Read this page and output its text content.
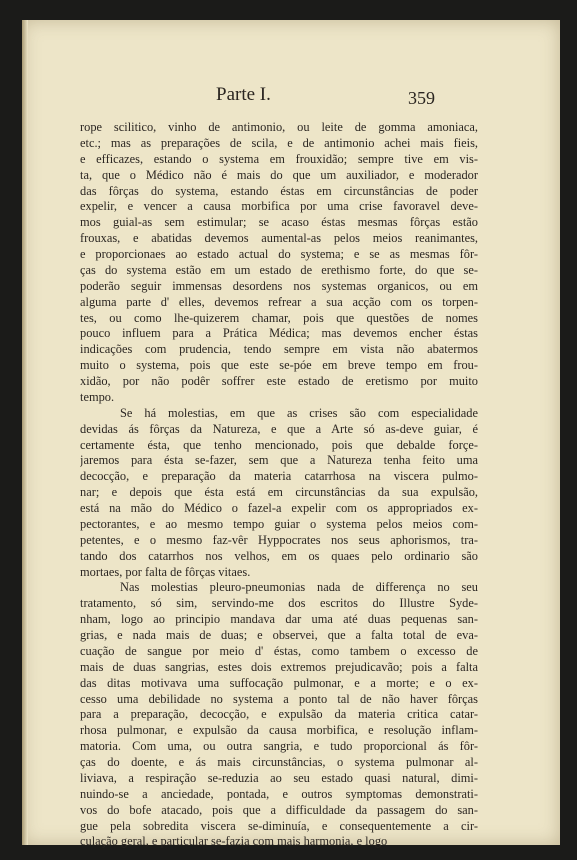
Parte I.	359
rope scilitico, vinho de antimonio, ou leite de gomma amoniaca,
etc.; mas as preparações de scila, e de antimonio achei mais fieis,
e efficazes, estando o systema em frouxidão; sempre tive em vis-
ta, que o Médico não é mais do que um auxiliador, e moderador
das fôrças do systema, estando éstas em circunstâncias de poder
expelir, e vencer a causa morbifica por uma crise favoravel deve-
mos guial-as sem estimular; se acaso éstas mesmas fôrças estão
frouxas, e abatidas devemos aumental-as pelos meios reanimantes,
e proporcionaes ao estado actual do systema; e se as mesmas fôr-
ças do systema estão em um estado de erethismo forte, do que se-
poderão seguir immensas desordens nos systemas organicos, ou em
alguma parte d' elles, devemos refrear a sua acção com os torpen-
tes, ou como lhe-quizerem chamar, pois que questões de nomes
pouco influem para a Prática Médica; mas devemos encher éstas
indicações com prudencia, tendo sempre em vista não abatermos
muito o systema, pois que este se-póe em breve tempo em frou-
xidão, por não podêr soffrer este estado de eretismo por muito
tempo.
Se há molestias, em que as crises são com especialidade
devidas ás fôrças da Natureza, e que a Arte só as-deve guiar, é
certamente ésta, que tenho mencionado, pois que debalde forçe-
jaremos para ésta se-fazer, sem que a Natureza tenha feito uma
decocção, e preparação da materia catarrhosa na viscera pulmo-
nar; e depois que ésta está em circunstâncias da sua expulsão,
está na mão do Médico o fazel-a expelir com os appropriados ex-
pectorantes, e ao mesmo tempo guiar o systema pelos meios com-
petentes, e o mesmo faz-vêr Hyppocrates nos seus aphorismos, tra-
tando dos catarrhos nos velhos, em os quaes pelo ordinario são
mortaes, por falta de fôrças vitaes.
Nas molestias pleuro-pneumonias nada de differença no seu
tratamento, só sim, servindo-me dos escritos do Illustre Syde-
nham, logo ao principio mandava dar uma até duas pequenas san-
grias, e nada mais de duas; e observei, que a falta total de eva-
cuação de sangue por meio d' éstas, como tambem o excesso de
mais de duas sangrias, estes dois extremos prejudicavão; pois a falta
das ditas motivava uma suffocação pulmonar, e a morte; e o ex-
cesso uma debilidade no systema a ponto tal de não haver fôrças
para a preparação, decocção, e expulsão da materia critica catar-
rhosa pulmonar, e expulsão da causa morbifica, e resolução inflam-
matoria. Com uma, ou outra sangria, e tudo proporcional ás fôr-
ças do doente, e ás mais circunstâncias, o systema pulmonar al-
liviava, a respiração se-reduzia ao seu estado quasi natural, dimi-
nuindo-se a anciedade, pontada, e outros symptomas demonstrati-
vos do bofe atacado, pois que a difficuldade da passagem do san-
gue pela sobredita viscera se-diminuía, e consequentemente a cir-
culação geral, e particular se-fazia com mais harmonia, e logo
